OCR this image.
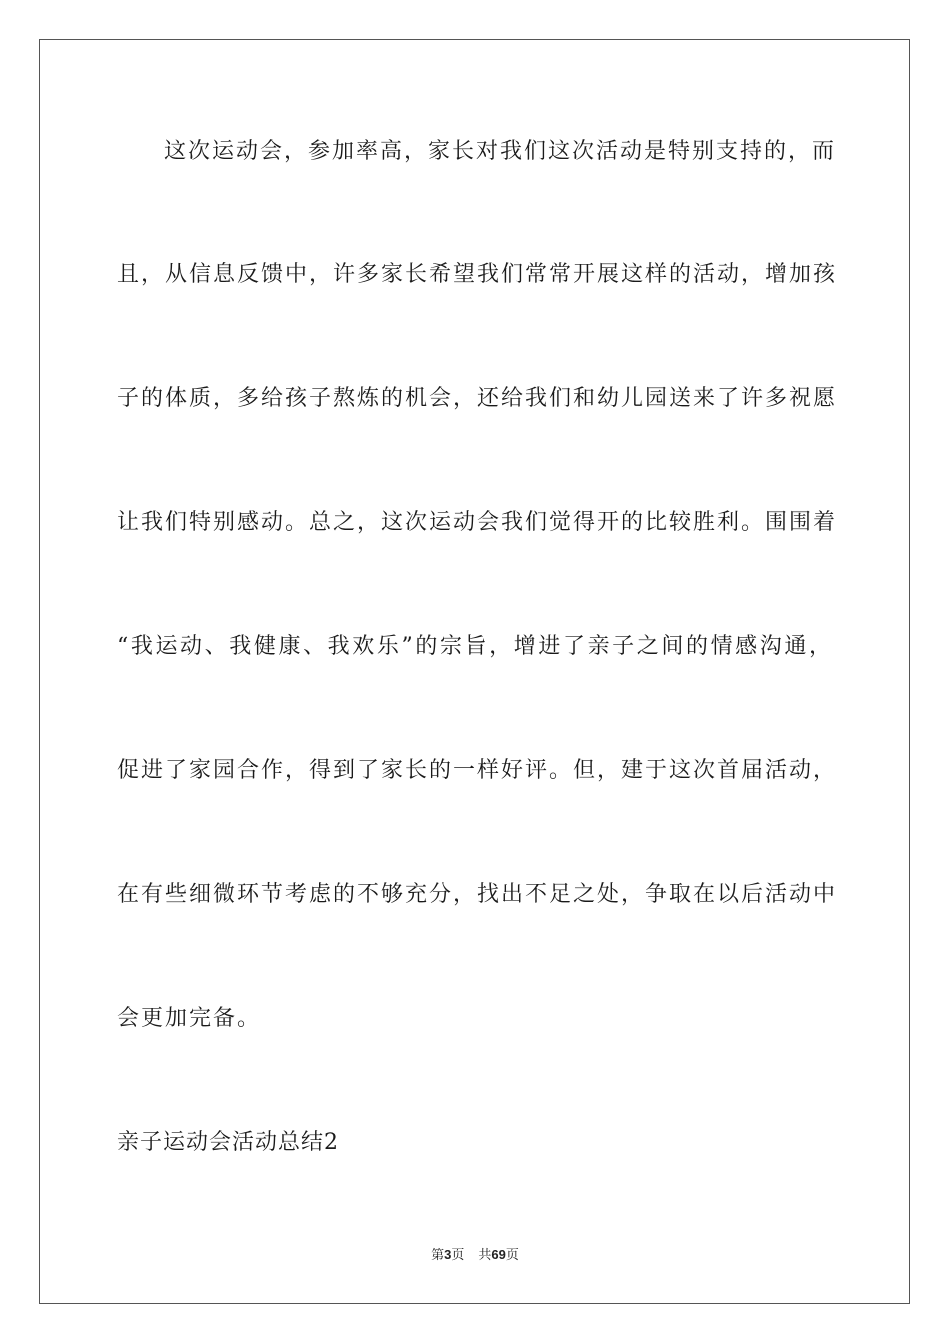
这次运动会，参加率高，家长对我们这次活动是特别支持的，而
且，从信息反馈中，许多家长希望我们常常开展这样的活动，增加孩
子的体质，多给孩子熬炼的机会，还给我们和幼儿园送来了许多祝愿
让我们特别感动。总之，这次运动会我们觉得开的比较胜利。围围着
“我运动、我健康、我欢乐”的宗旨，增进了亲子之间的情感沟通，
促进了家园合作，得到了家长的一样好评。但，建于这次首届活动，
在有些细微环节考虑的不够充分，找出不足之处，争取在以后活动中
会更加完备。
亲子运动会活动总结2
第3页 共69页
